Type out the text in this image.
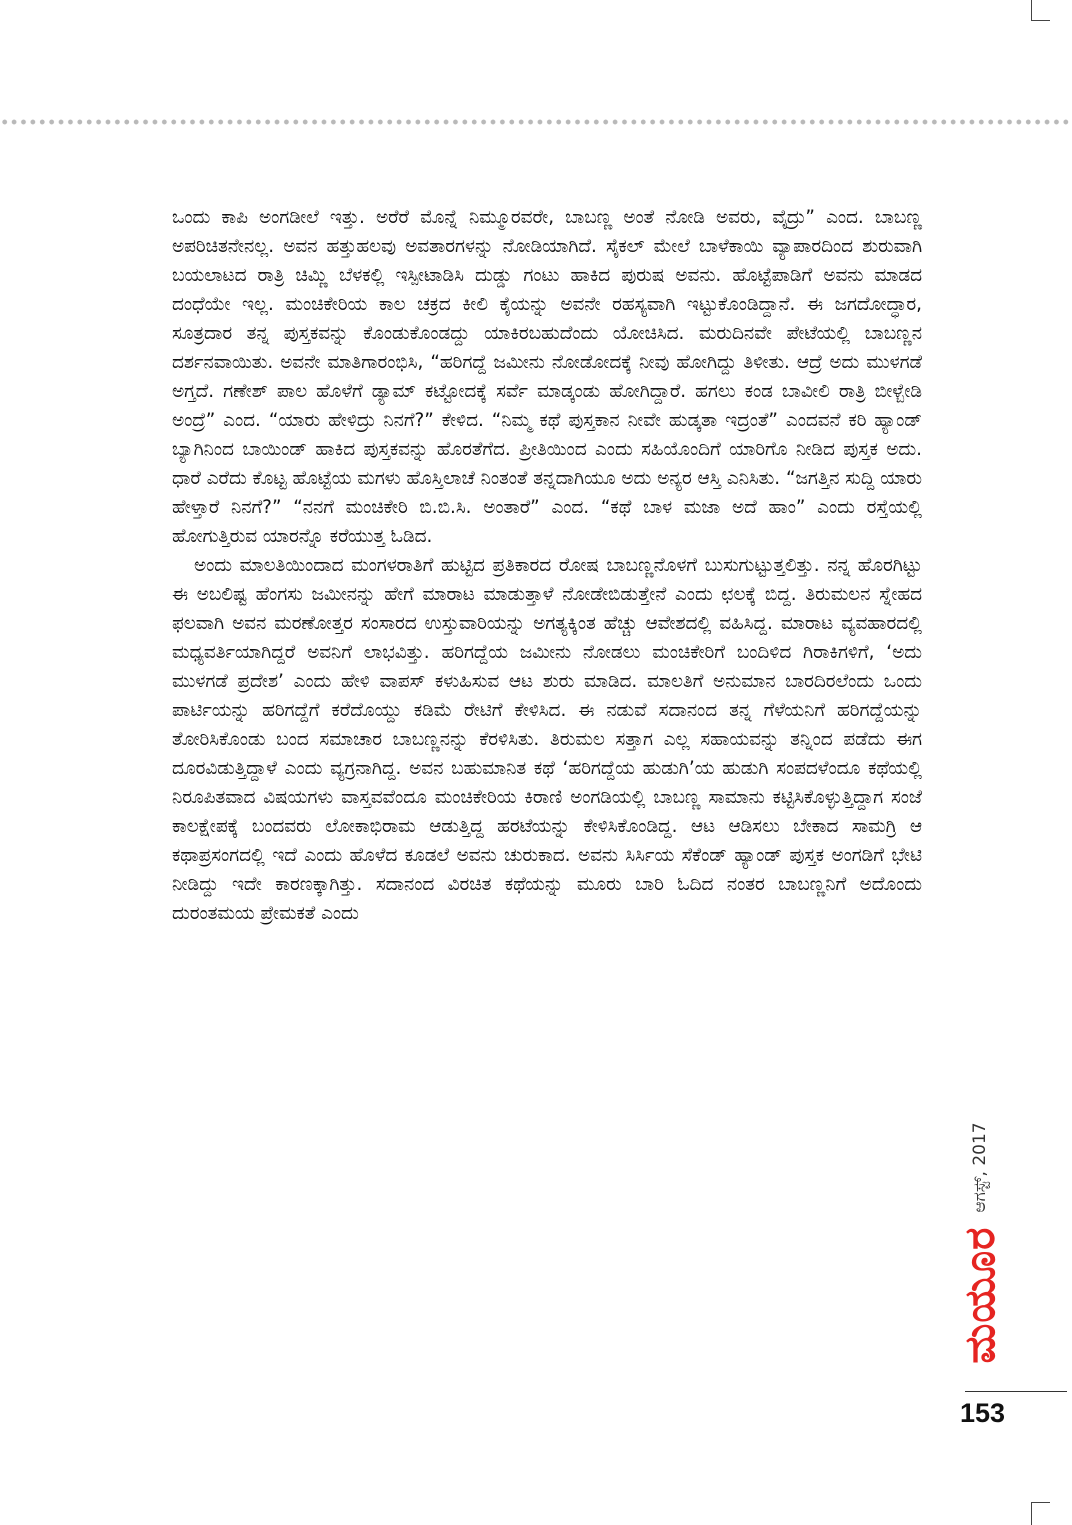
ಒಂದು ಕಾಪಿ ಅಂಗಡೀಲೆ ಇತ್ತು. ಅರೆರೆ ಮೊನ್ನೆ ನಿಮ್ಮೂರವರೇ, ಬಾಬಣ್ಣ ಅಂತೆ ನೋಡಿ ಅವರು, ವೈದ್ರು” ಎಂದ. ಬಾಬಣ್ಣ ಅಪರಿಚಿತನೇನಲ್ಲ. ಅವನ ಹತ್ತುಹಲವು ಅವತಾರಗಳನ್ನು ನೋಡಿಯಾಗಿದೆ. ಸೈಕಲ್ ಮೇಲೆ ಬಾಳೆಕಾಯಿ ವ್ಯಾಪಾರದಿಂದ ಶುರುವಾಗಿ ಬಯಲಾಟದ ರಾತ್ರಿ ಚಿಮ್ಣಿ ಬೆಳಕಲ್ಲಿ ಇಸ್ಪೀಟಾಡಿಸಿ ದುಡ್ಡು ಗಂಟು ಹಾಕಿದ ಪುರುಷ ಅವನು. ಹೊಟ್ಟೆಪಾಡಿಗೆ ಅವನು ಮಾಡದ ದಂಧೆಯೇ ಇಲ್ಲ. ಮಂಚಿಕೇರಿಯ ಕಾಲ ಚಕ್ರದ ಕೀಲಿ ಕೈಯನ್ನು ಅವನೇ ರಹಸ್ಯವಾಗಿ ಇಟ್ಟುಕೊಂಡಿದ್ದಾನೆ. ಈ ಜಗದೋದ್ಧಾರ, ಸೂತ್ರದಾರ ತನ್ನ ಪುಸ್ತಕವನ್ನು ಕೊಂಡುಕೊಂಡದ್ದು ಯಾಕಿರಬಹುದೆಂದು ಯೋಚಿಸಿದ. ಮರುದಿನವೇ ಪೇಟೆಯಲ್ಲಿ ಬಾಬಣ್ಣನ ದರ್ಶನವಾಯಿತು. ಅವನೇ ಮಾತಿಗಾರಂಭಿಸಿ, “ಹರಿಗದ್ದೆ ಜಮೀನು ನೋಡೋದಕ್ಕೆ ನೀವು ಹೋಗಿದ್ದು ತಿಳೀತು. ಆದ್ರೆ ಅದು ಮುಳಗಡೆ ಅಗ್ತದೆ. ಗಣೇಶ್ ಪಾಲ ಹೊಳೆಗೆ ಡ್ಯಾಮ್ ಕಟ್ಟೋದಕ್ಕೆ ಸರ್ವೆ ಮಾಡ್ಕಂಡು ಹೋಗಿದ್ದಾರೆ. ಹಗಲು ಕಂಡ ಬಾವೀಲಿ ರಾತ್ರಿ ಬೀಳ್ಬೇಡಿ ಅಂದ್ರೆ” ಎಂದ. “ಯಾರು ಹೇಳಿದ್ರು ನಿನಗೆ?” ಕೇಳಿದ. “ನಿಮ್ಮ ಕಥೆ ಪುಸ್ತಕಾನ ನೀವೇ ಹುಡ್ಕತಾ ಇದ್ರಂತೆ” ಎಂದವನೆ ಕರಿ ಹ್ಯಾಂಡ್ ಬ್ಯಾಗಿನಿಂದ ಬಾಯಿಂಡ್ ಹಾಕಿದ ಪುಸ್ತಕವನ್ನು ಹೊರತೆಗೆದ. ಪ್ರೀತಿಯಿಂದ ಎಂದು ಸಹಿಯೊಂದಿಗೆ ಯಾರಿಗೊ ನೀಡಿದ ಪುಸ್ತಕ ಅದು. ಧಾರೆ ಎರೆದು ಕೊಟ್ಟ ಹೊಟ್ಟೆಯ ಮಗಳು ಹೊಸ್ತಿಲಾಚೆ ನಿಂತಂತೆ ತನ್ನದಾಗಿಯೂ ಅದು ಅನ್ಯರ ಆಸ್ತಿ ಎನಿಸಿತು. “ಜಗತ್ತಿನ ಸುದ್ದಿ ಯಾರು ಹೇಳ್ತಾರೆ ನಿನಗೆ?” “ನನಗೆ ಮಂಚಿಕೇರಿ ಬಿ.ಬಿ.ಸಿ. ಅಂತಾರೆ” ಎಂದ. “ಕಥೆ ಬಾಳ ಮಜಾ ಅದೆ ಹಾಂ” ಎಂದು ರಸ್ತೆಯಲ್ಲಿ ಹೋಗುತ್ತಿರುವ ಯಾರನ್ನೊ ಕರೆಯುತ್ತ ಓಡಿದ.

ಅಂದು ಮಾಲತಿಯಿಂದಾದ ಮಂಗಳರಾತಿಗೆ ಹುಟ್ಟಿದ ಪ್ರತಿಕಾರದ ರೋಷ ಬಾಬಣ್ಣನೊಳಗೆ ಬುಸುಗುಟ್ಟುತ್ತಲಿತ್ತು. ನನ್ನ ಹೊರಗಿಟ್ಟು ಈ ಅಬಲಿಷ್ಟ ಹೆಂಗಸು ಜಮೀನನ್ನು ಹೇಗೆ ಮಾರಾಟ ಮಾಡುತ್ತಾಳೆ ನೋಡೇಬಿಡುತ್ತೇನೆ ಎಂದು ಛಲಕ್ಕೆ ಬಿದ್ದ. ತಿರುಮಲನ ಸ್ನೇಹದ ಫಲವಾಗಿ ಅವನ ಮರಣೋತ್ತರ ಸಂಸಾರದ ಉಸ್ತುವಾರಿಯನ್ನು ಅಗತ್ಯಕ್ಕಿಂತ ಹೆಚ್ಚು ಆವೇಶದಲ್ಲಿ ವಹಿಸಿದ್ದ. ಮಾರಾಟ ವ್ಯವಹಾರದಲ್ಲಿ ಮಧ್ಯವರ್ತಿಯಾಗಿದ್ದರೆ ಅವನಿಗೆ ಲಾಭವಿತ್ತು. ಹರಿಗದ್ದೆಯ ಜಮೀನು ನೋಡಲು ಮಂಚಿಕೇರಿಗೆ ಬಂದಿಳಿದ ಗಿರಾಕಿಗಳಿಗೆ, ‘ಅದು ಮುಳಗಡೆ ಪ್ರದೇಶ’ ಎಂದು ಹೇಳಿ ವಾಪಸ್ ಕಳುಹಿಸುವ ಆಟ ಶುರು ಮಾಡಿದ. ಮಾಲತಿಗೆ ಅನುಮಾನ ಬಾರದಿರಲೆಂದು ಒಂದು ಪಾರ್ಟಿಯನ್ನು ಹರಿಗದ್ದೆಗೆ ಕರೆದೊಯ್ದು ಕಡಿಮೆ ರೇಟಿಗೆ ಕೇಳಿಸಿದ. ಈ ನಡುವೆ ಸದಾನಂದ ತನ್ನ ಗೆಳೆಯನಿಗೆ ಹರಿಗದ್ದೆಯನ್ನು ತೋರಿಸಿಕೊಂಡು ಬಂದ ಸಮಾಚಾರ ಬಾಬಣ್ಣನನ್ನು ಕೆರಳಿಸಿತು. ತಿರುಮಲ ಸತ್ತಾಗ ಎಲ್ಲ ಸಹಾಯವನ್ನು ತನ್ನಿಂದ ಪಡೆದು ಈಗ ದೂರವಿಡುತ್ತಿದ್ದಾಳೆ ಎಂದು ವ್ಯಗ್ರನಾಗಿದ್ದ. ಅವನ ಬಹುಮಾನಿತ ಕಥೆ ‘ಹರಿಗದ್ದೆಯ ಹುಡುಗಿ’ಯ ಹುಡುಗಿ ಸಂಪದಳೆಂದೂ ಕಥೆಯಲ್ಲಿ ನಿರೂಪಿತವಾದ ವಿಷಯಗಳು ವಾಸ್ತವವೆಂದೂ ಮಂಚಿಕೇರಿಯ ಕಿರಾಣಿ ಅಂಗಡಿಯಲ್ಲಿ ಬಾಬಣ್ಣ ಸಾಮಾನು ಕಟ್ಟಿಸಿಕೊಳ್ಳುತ್ತಿದ್ದಾಗ ಸಂಜೆ ಕಾಲಕ್ಷೇಪಕ್ಕೆ ಬಂದವರು ಲೋಕಾಭಿರಾಮ ಆಡುತ್ತಿದ್ದ ಹರಟೆಯನ್ನು ಕೇಳಿಸಿಕೊಂಡಿದ್ದ. ಆಟ ಆಡಿಸಲು ಬೇಕಾದ ಸಾಮಗ್ರಿ ಆ ಕಥಾಪ್ರಸಂಗದಲ್ಲಿ ಇದೆ ಎಂದು ಹೊಳೆದ ಕೂಡಲೆ ಅವನು ಚುರುಕಾದ. ಅವನು ಸಿರ್ಸಿಯ ಸೆಕೆಂಡ್ ಹ್ಯಾಂಡ್ ಪುಸ್ತಕ ಅಂಗಡಿಗೆ ಭೇಟಿ ನೀಡಿದ್ದು ಇದೇ ಕಾರಣಕ್ಕಾಗಿತ್ತು. ಸದಾನಂದ ವಿರಚಿತ ಕಥೆಯನ್ನು ಮೂರು ಬಾರಿ ಓದಿದ ನಂತರ ಬಾಬಣ್ಣನಿಗೆ ಅದೊಂದು ದುರಂತಮಯ ಪ್ರೇಮಕತೆ ಎಂದು

ಮಯೂರ
ಆಗಸ್ಟ್, 2017
153
